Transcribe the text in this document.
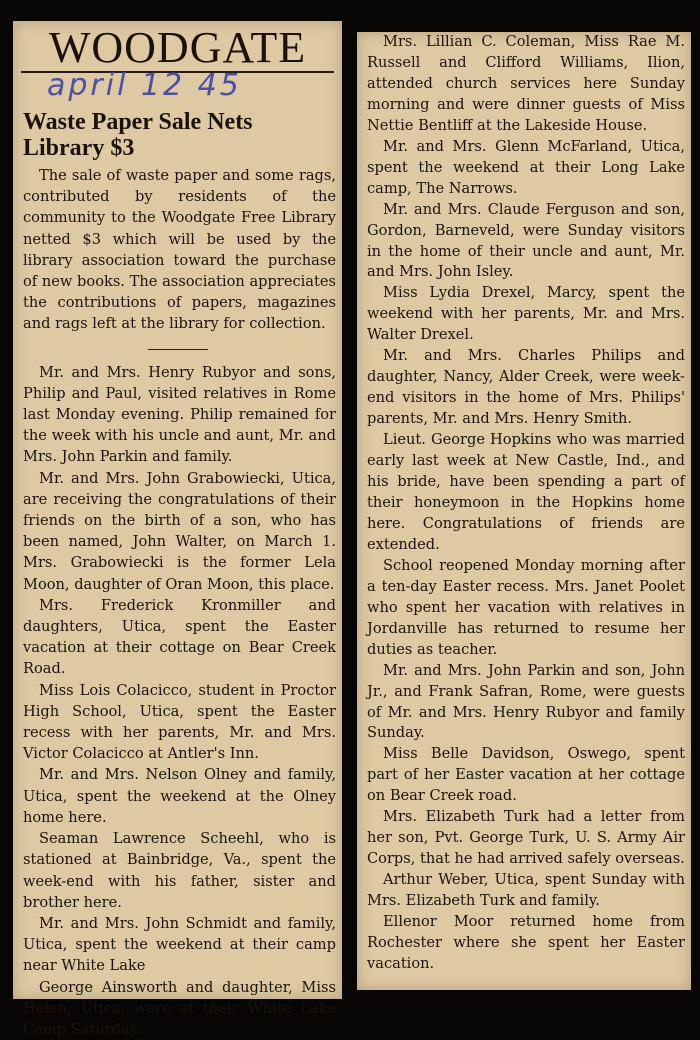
WOODGATE
april 12 45
Waste Paper Sale Nets Library $3

The sale of waste paper and some rags, contributed by residents of the community to the Woodgate Free Library netted $3 which will be used by the library association toward the purchase of new books. The association appreciates the contributions of papers, magazines and rags left at the library for collection.

Mr. and Mrs. Henry Rubyor and sons, Philip and Paul, visited relatives in Rome last Monday evening. Philip remained for the week with his uncle and aunt, Mr. and Mrs. John Parkin and family.

Mr. and Mrs. John Grabowiecki, Utica, are receiving the congratulations of their friends on the birth of a son, who has been named, John Walter, on March 1. Mrs. Grabowiecki is the former Lela Moon, daughter of Oran Moon, this place.

Mrs. Frederick Kronmiller and daughters, Utica, spent the Easter vacation at their cottage on Bear Creek Road.

Miss Lois Colacicco, student in Proctor High School, Utica, spent the Easter recess with her parents, Mr. and Mrs. Victor Colacicco at Antler's Inn.

Mr. and Mrs. Nelson Olney and family, Utica, spent the weekend at the Olney home here.

Seaman Lawrence Scheehl, who is stationed at Bainbridge, Va., spent the week-end with his father, sister and brother here.

Mr. and Mrs. John Schmidt and family, Utica, spent the weekend at their camp near White Lake

George Ainsworth and daughter, Miss Helen, Utica, were at their White Lake Camp Saturday.

Mrs. Lillian C. Coleman, Miss Rae M. Russell and Clifford Williams, Ilion, attended church services here Sunday morning and were dinner guests of Miss Nettie Bentliff at the Lakeside House.

Mr. and Mrs. Glenn McFarland, Utica, spent the weekend at their Long Lake camp, The Narrows.

Mr. and Mrs. Claude Ferguson and son, Gordon, Barneveld, were Sunday visitors in the home of their uncle and aunt, Mr. and Mrs. John Isley.

Miss Lydia Drexel, Marcy, spent the weekend with her parents, Mr. and Mrs. Walter Drexel.

Mr. and Mrs. Charles Philips and daughter, Nancy, Alder Creek, were week-end visitors in the home of Mrs. Philips' parents, Mr. and Mrs. Henry Smith.

Lieut. George Hopkins who was married early last week at New Castle, Ind., and his bride, have been spending a part of their honeymoon in the Hopkins home here. Congratulations of friends are extended.

School reopened Monday morning after a ten-day Easter recess. Mrs. Janet Poolet who spent her vacation with relatives in Jordanville has returned to resume her duties as teacher.

Mr. and Mrs. John Parkin and son, John Jr., and Frank Safran, Rome, were guests of Mr. and Mrs. Henry Rubyor and family Sunday.

Miss Belle Davidson, Oswego, spent part of her Easter vacation at her cottage on Bear Creek road.

Mrs. Elizabeth Turk had a letter from her son, Pvt. George Turk, U. S. Army Air Corps, that he had arrived safely overseas.

Arthur Weber, Utica, spent Sunday with Mrs. Elizabeth Turk and family.

Ellenor Moor returned home from Rochester where she spent her Easter vacation.
